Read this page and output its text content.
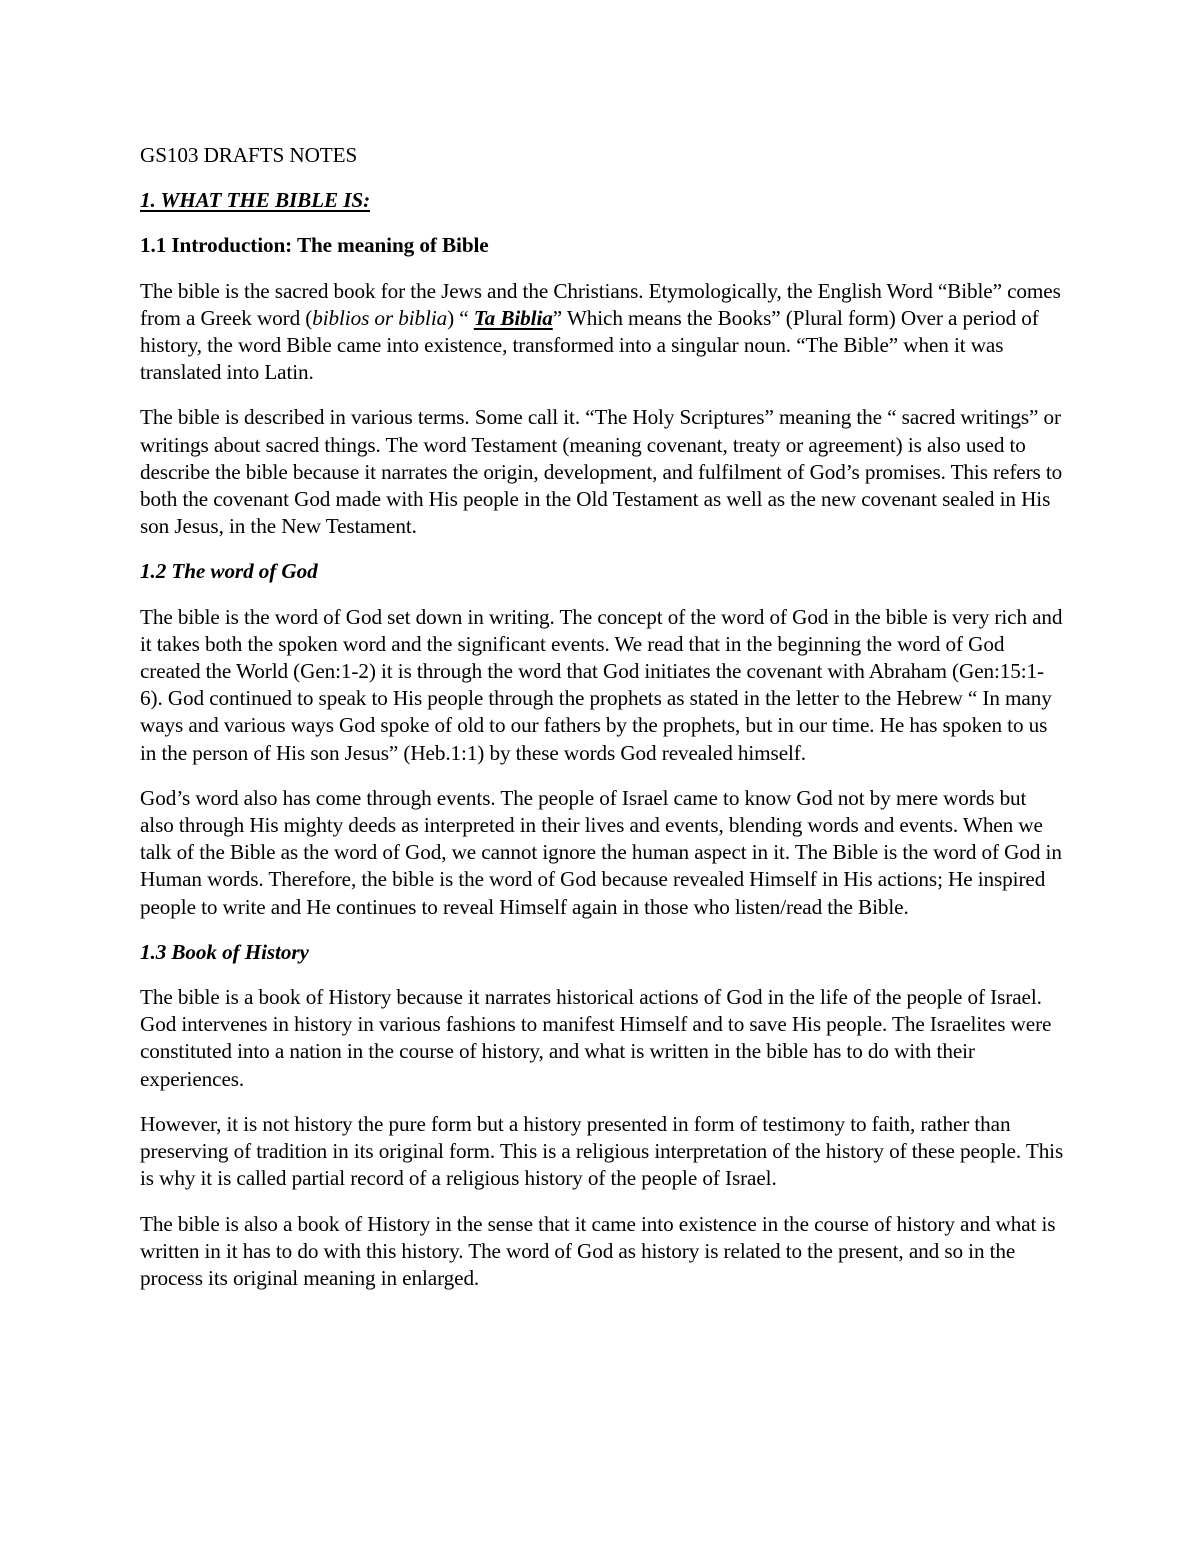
GS103 DRAFTS NOTES
1. WHAT THE BIBLE IS:
1.1 Introduction: The meaning of Bible

The bible is the sacred book for the Jews and the Christians. Etymologically, the English Word “Bible” comes from a Greek word (biblios or biblia) “ Ta Biblia” Which means the Books” (Plural form) Over a period of history, the word Bible came into existence, transformed into a singular noun. “The Bible” when it was translated into Latin.

The bible is described in various terms. Some call it. “The Holy Scriptures” meaning the “ sacred writings” or writings about sacred things. The word Testament (meaning covenant, treaty or agreement) is also used to describe the bible because it narrates the origin, development, and fulfilment of God’s promises. This refers to both the covenant God made with His people in the Old Testament as well as the new covenant sealed in His son Jesus, in the New Testament.

1.2 The word of God

The bible is the word of God set down in writing. The concept of the word of God in the bible is very rich and it takes both the spoken word and the significant events. We read that in the beginning the word of God created the World (Gen:1-2) it is through the word that God initiates the covenant with Abraham (Gen:15:1-6). God continued to speak to His people through the prophets as stated in the letter to the Hebrew “ In many ways and various ways God spoke of old to our fathers by the prophets, but in our time. He has spoken to us in the person of His son Jesus” (Heb.1:1) by these words God revealed himself.

God’s word also has come through events. The people of Israel came to know God not by mere words but also through His mighty deeds as interpreted in their lives and events, blending words and events. When we talk of the Bible as the word of God, we cannot ignore the human aspect in it. The Bible is the word of God in Human words. Therefore, the bible is the word of God because revealed Himself in His actions; He inspired people to write and He continues to reveal Himself again in those who listen/read the Bible.

1.3 Book of History

The bible is a book of History because it narrates historical actions of God in the life of the people of Israel. God intervenes in history in various fashions to manifest Himself and to save His people. The Israelites were constituted into a nation in the course of history, and what is written in the bible has to do with their experiences.

However, it is not history the pure form but a history presented in form of testimony to faith, rather than preserving of tradition in its original form. This is a religious interpretation of the history of these people. This is why it is called partial record of a religious history of the people of Israel.

The bible is also a book of History in the sense that it came into existence in the course of history and what is written in it has to do with this history. The word of God as history is related to the present, and so in the process its original meaning in enlarged.
